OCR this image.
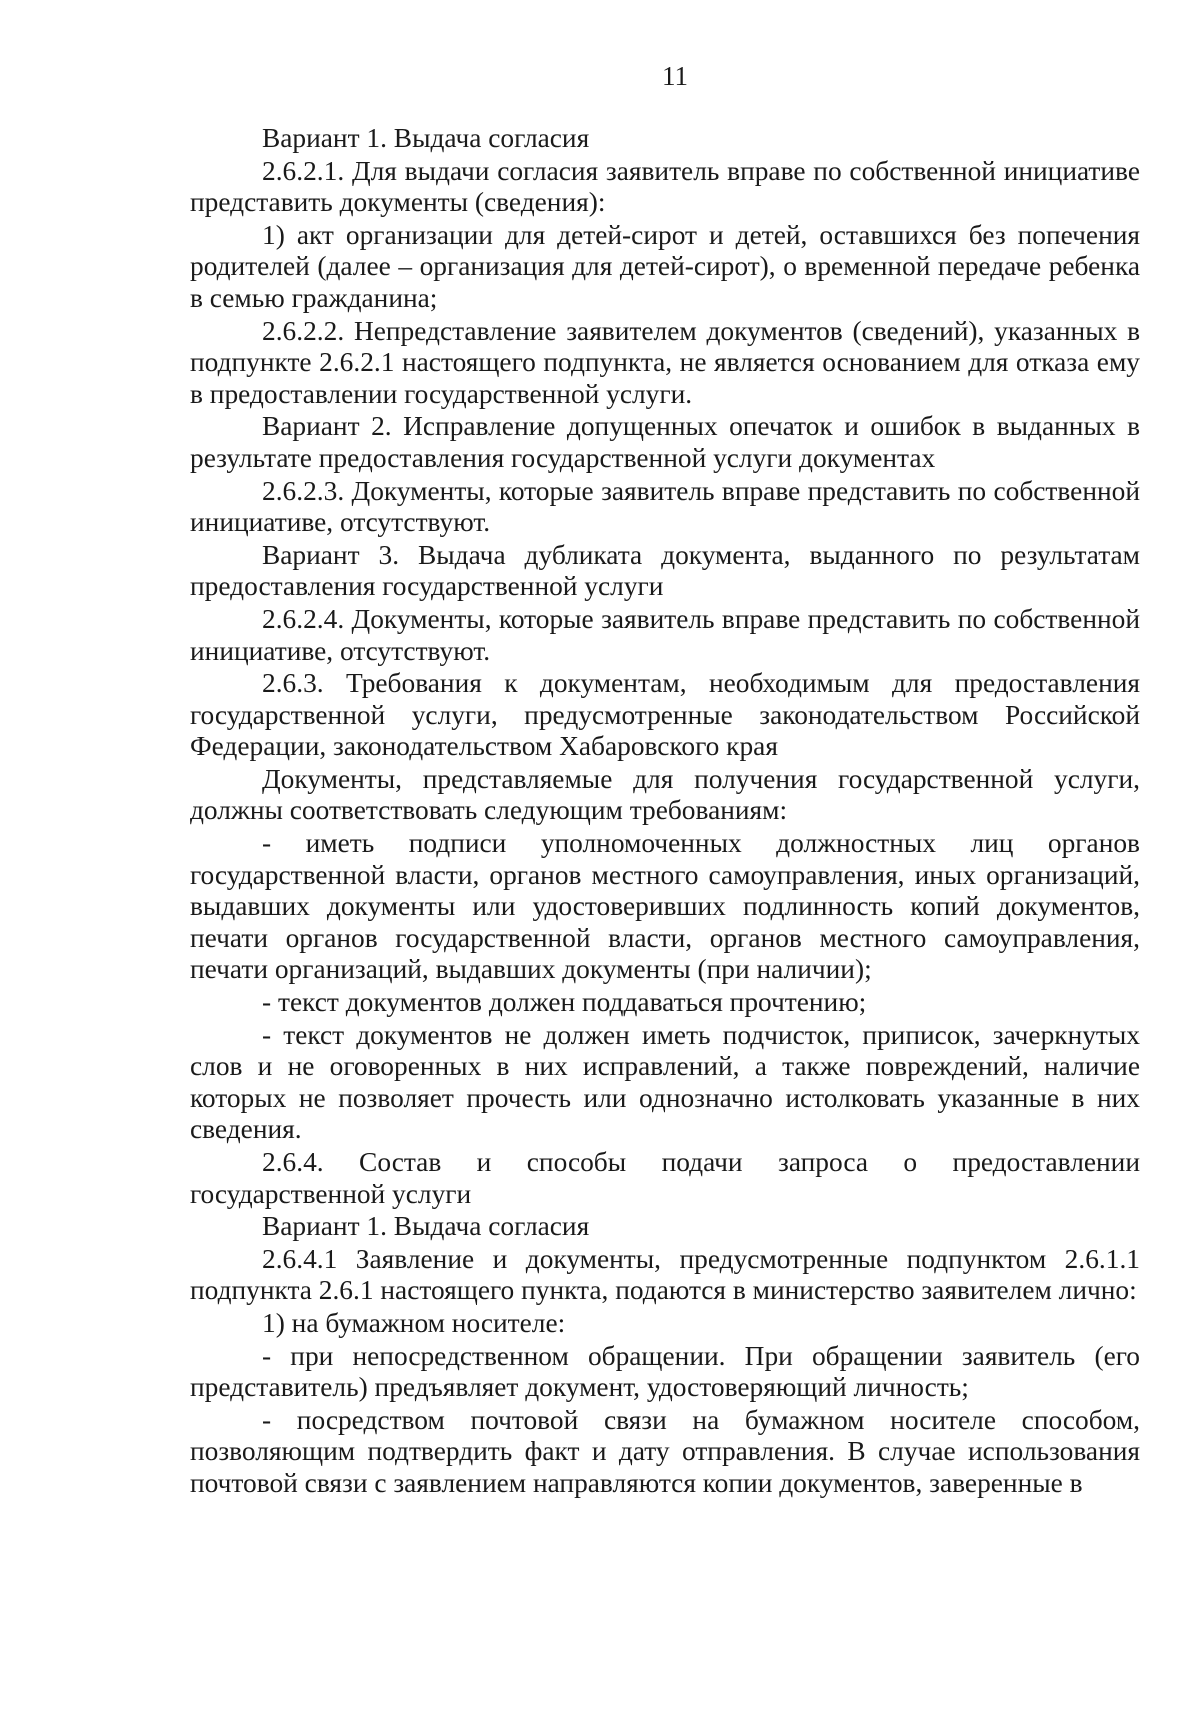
11

Вариант 1. Выдача согласия

2.6.2.1. Для выдачи согласия заявитель вправе по собственной инициативе представить документы (сведения):

1) акт организации для детей-сирот и детей, оставшихся без попечения родителей (далее – организация для детей-сирот), о временной передаче ребенка в семью гражданина;

2.6.2.2. Непредставление заявителем документов (сведений), указанных в подпункте 2.6.2.1 настоящего подпункта, не является основанием для отказа ему в предоставлении государственной услуги.

Вариант 2. Исправление допущенных опечаток и ошибок в выданных в результате предоставления государственной услуги документах

2.6.2.3. Документы, которые заявитель вправе представить по собственной инициативе, отсутствуют.

Вариант 3. Выдача дубликата документа, выданного по результатам предоставления государственной услуги

2.6.2.4. Документы, которые заявитель вправе представить по собственной инициативе, отсутствуют.

2.6.3. Требования к документам, необходимым для предоставления государственной услуги, предусмотренные законодательством Российской Федерации, законодательством Хабаровского края

Документы, представляемые для получения государственной услуги, должны соответствовать следующим требованиям:

- иметь подписи уполномоченных должностных лиц органов государственной власти, органов местного самоуправления, иных организаций, выдавших документы или удостоверивших подлинность копий документов, печати органов государственной власти, органов местного самоуправления, печати организаций, выдавших документы (при наличии);

- текст документов должен поддаваться прочтению;

- текст документов не должен иметь подчисток, приписок, зачеркнутых слов и не оговоренных в них исправлений, а также повреждений, наличие которых не позволяет прочесть или однозначно истолковать указанные в них сведения.

2.6.4. Состав и способы подачи запроса о предоставлении государственной услуги

Вариант 1. Выдача согласия

2.6.4.1 Заявление и документы, предусмотренные подпунктом 2.6.1.1 подпункта 2.6.1 настоящего пункта, подаются в министерство заявителем лично:

1) на бумажном носителе:

- при непосредственном обращении. При обращении заявитель (его представитель) предъявляет документ, удостоверяющий личность;

- посредством почтовой связи на бумажном носителе способом, позволяющим подтвердить факт и дату отправления. В случае использования почтовой связи с заявлением направляются копии документов, заверенные в
